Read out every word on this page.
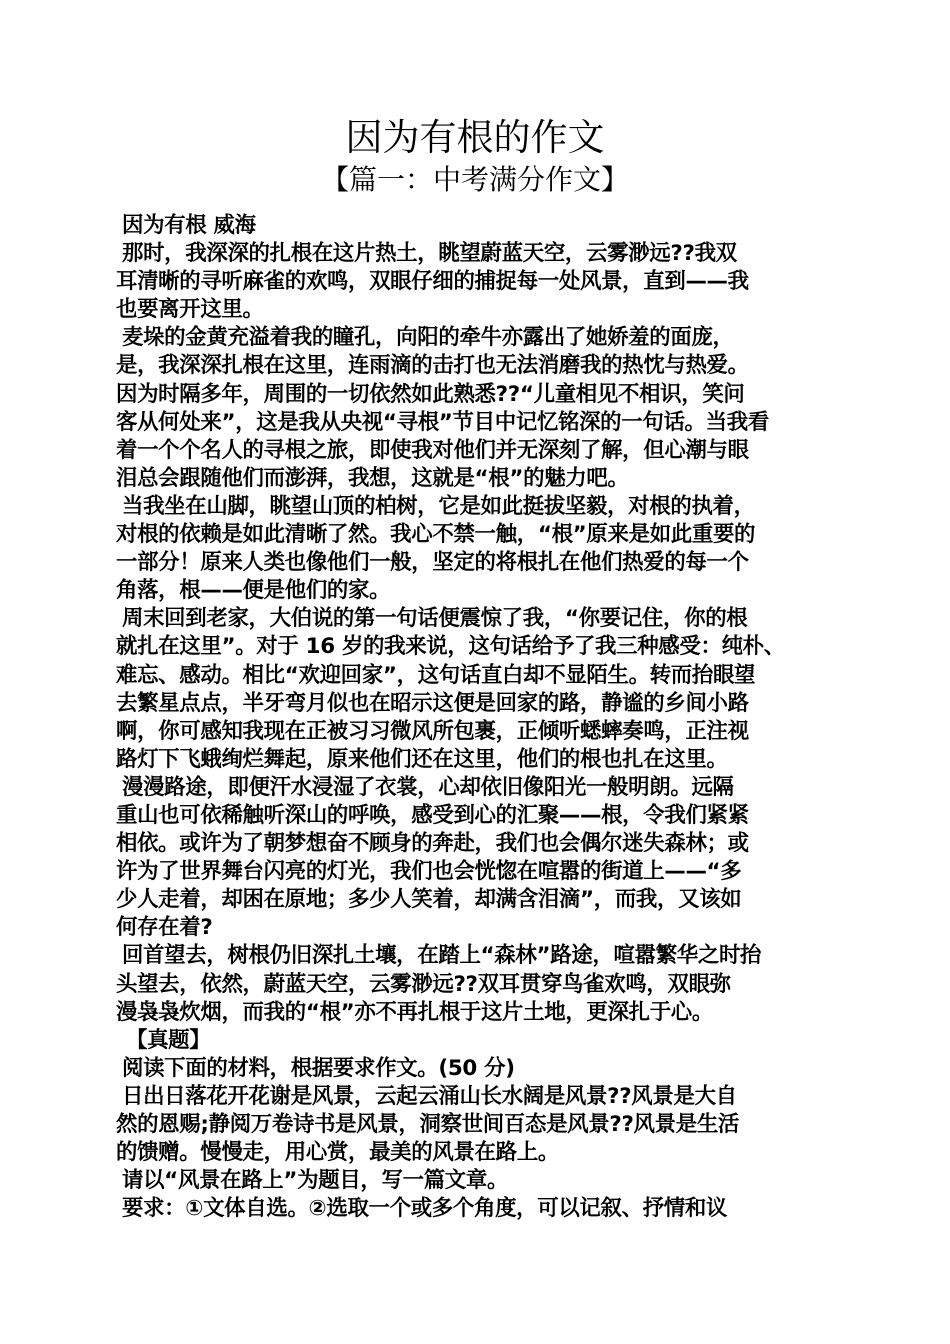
因为有根的作文
【篇一：中考满分作文】
因为有根 威海
那时，我深深的扎根在这片热土，眺望蔚蓝天空，云雾渺远??我双
耳清晰的寻听麻雀的欢鸣，双眼仔细的捕捉每一处风景，直到——我
也要离开这里。
麦垛的金黄充溢着我的瞳孔，向阳的牵牛亦露出了她娇羞的面庞，
是，我深深扎根在这里，连雨滴的击打也无法消磨我的热忱与热爱。
因为时隔多年，周围的一切依然如此熟悉??“儿童相见不相识，笑问
客从何处来”，这是我从央视“寻根”节目中记忆铭深的一句话。当我看
着一个个名人的寻根之旅，即使我对他们并无深刻了解，但心潮与眼
泪总会跟随他们而澎湃，我想，这就是“根”的魅力吧。
当我坐在山脚，眺望山顶的柏树，它是如此挺拔坚毅，对根的执着，
对根的依赖是如此清晰了然。我心不禁一触，“根”原来是如此重要的
一部分！原来人类也像他们一般，坚定的将根扎在他们热爱的每一个
角落，根——便是他们的家。
周末回到老家，大伯说的第一句话便震惊了我，“你要记住，你的根
就扎在这里”。对于 16 岁的我来说，这句话给予了我三种感受：纯朴、
难忘、感动。相比“欢迎回家”，这句话直白却不显陌生。转而抬眼望
去繁星点点，半牙弯月似也在昭示这便是回家的路，静谧的乡间小路
啊，你可感知我现在正被习习微风所包裹，正倾听蟋蟀奏鸣，正注视
路灯下飞蛾绚烂舞起，原来他们还在这里，他们的根也扎在这里。
漫漫路途，即便汗水浸湿了衣裳，心却依旧像阳光一般明朗。远隔
重山也可依稀触听深山的呼唤，感受到心的汇聚——根，令我们紧紧
相依。或许为了朝梦想奋不顾身的奔赴，我们也会偶尔迷失森林；或
许为了世界舞台闪亮的灯光，我们也会恍惚在喧嚣的街道上——“多
少人走着，却困在原地；多少人笑着，却满含泪滴”，而我，又该如
何存在着?
回首望去，树根仍旧深扎土壤，在踏上“森林”路途，喧嚣繁华之时抬
头望去，依然，蔚蓝天空，云雾渺远??双耳贯穿鸟雀欢鸣，双眼弥
漫袅袅炊烟，而我的“根”亦不再扎根于这片土地，更深扎于心。
【真题】
阅读下面的材料，根据要求作文。(50 分)
日出日落花开花谢是风景，云起云涌山长水阔是风景??风景是大自
然的恩赐;静阅万卷诗书是风景，洞察世间百态是风景??风景是生活
的馈赠。慢慢走，用心赏，最美的风景在路上。
请以“风景在路上”为题目，写一篇文章。
要求：①文体自选。②选取一个或多个角度，可以记叙、抒情和议
